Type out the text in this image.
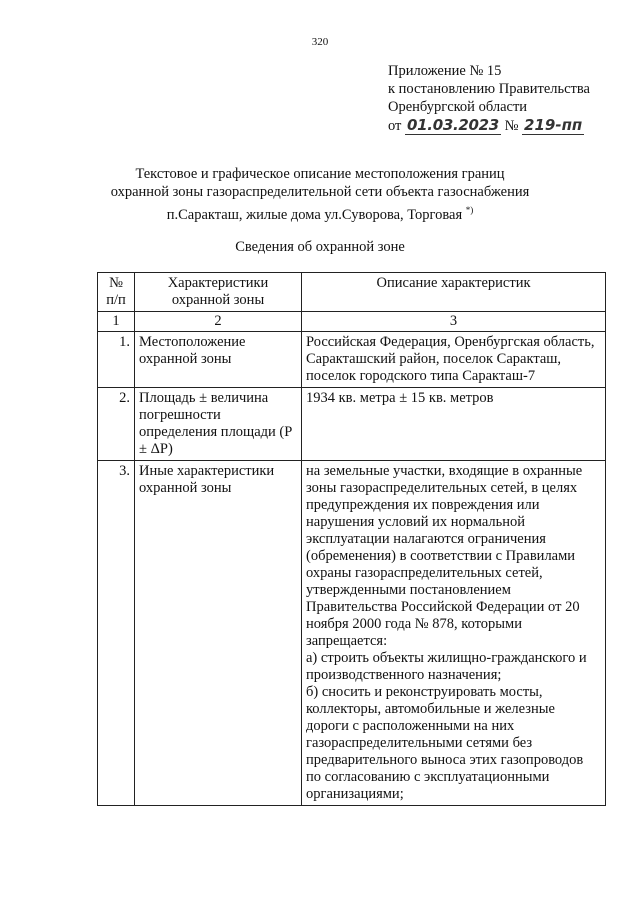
320
Приложение № 15
к постановлению Правительства
Оренбургской области
от 01.03.2023 № 219-пп
Текстовое и графическое описание местоположения границ
охранной зоны газораспределительной сети объекта газоснабжения
п.Саракташ, жилые дома ул.Суворова, Торговая *)
Сведения об охранной зоне
№ п/п	Характеристики охранной зоны	Описание характеристик
1	2	3
1.	Местоположение охранной зоны	Российская Федерация, Оренбургская область, Саракташский район, поселок Саракташ, поселок городского типа Саракташ-7
2.	Площадь ± величина погрешности определения площади (P ± ΔP)	1934 кв. метра ± 15 кв. метров
3.	Иные характеристики охранной зоны	на земельные участки, входящие в охранные зоны газораспределительных сетей, в целях предупреждения их повреждения или нарушения условий их нормальной эксплуатации налагаются ограничения (обременения) в соответствии с Правилами охраны газораспределительных сетей, утвержденными постановлением Правительства Российской Федерации от 20 ноября 2000 года № 878, которыми запрещается:
а) строить объекты жилищно-гражданского и производственного назначения;
б) сносить и реконструировать мосты, коллекторы, автомобильные и железные дороги с расположенными на них газораспределительными сетями без предварительного выноса этих газопроводов по согласованию с эксплуатационными организациями;
